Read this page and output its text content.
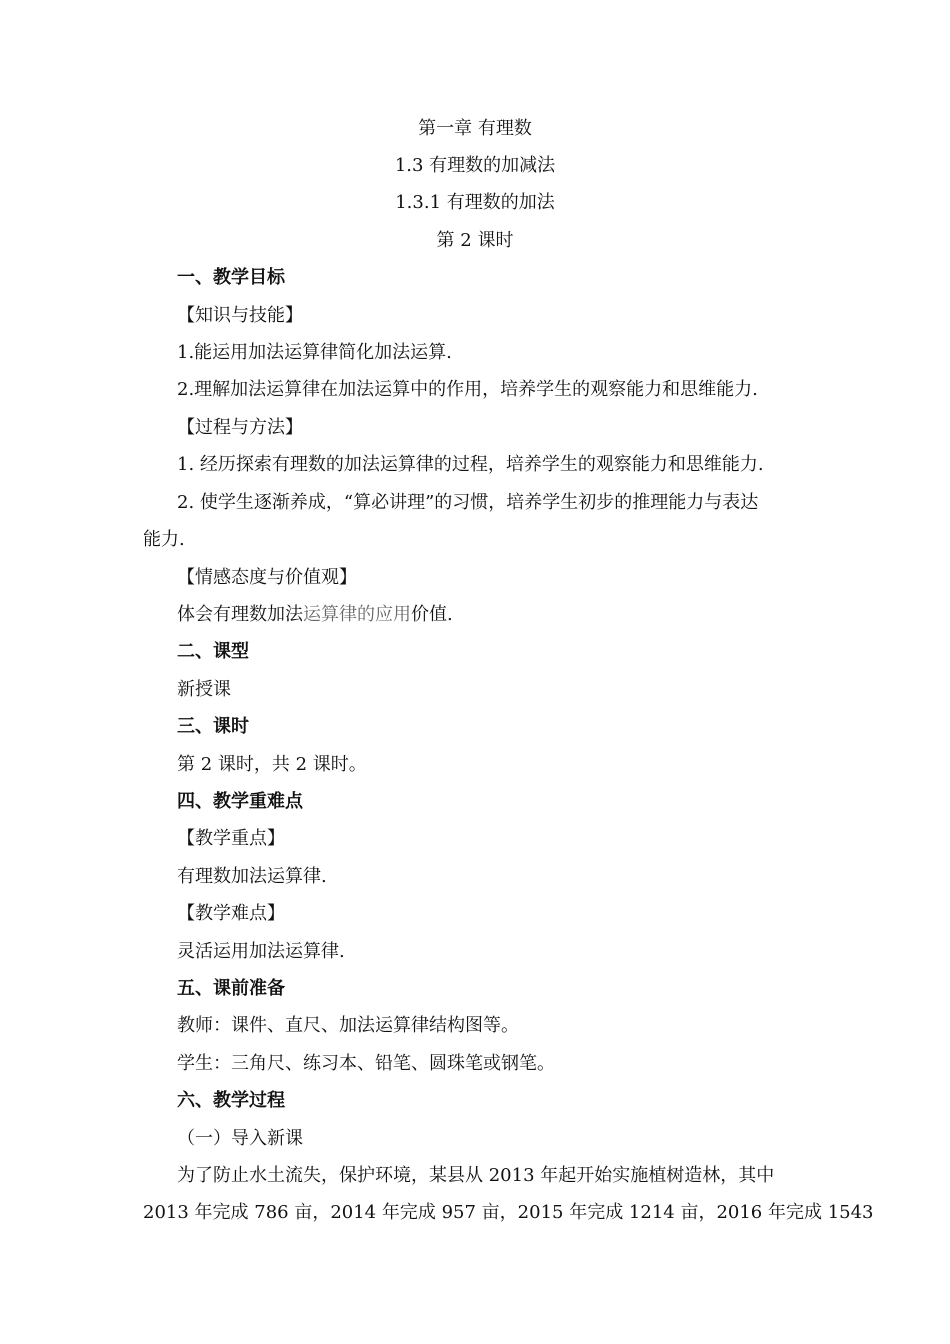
第一章 有理数
1.3 有理数的加减法
1.3.1 有理数的加法
第 2 课时
一、教学目标
【知识与技能】
1.能运用加法运算律简化加法运算.
2.理解加法运算律在加法运算中的作用，培养学生的观察能力和思维能力.
【过程与方法】
1. 经历探索有理数的加法运算律的过程，培养学生的观察能力和思维能力.
2. 使学生逐渐养成，“算必讲理”的习惯，培养学生初步的推理能力与表达
能力.
【情感态度与价值观】
体会有理数加法运算律的应用价值.
二、课型
新授课
三、课时
第 2 课时，共 2 课时。
四、教学重难点
【教学重点】
有理数加法运算律.
【教学难点】
灵活运用加法运算律.
五、课前准备
教师：课件、直尺、加法运算律结构图等。
学生：三角尺、练习本、铅笔、圆珠笔或钢笔。
六、教学过程
（一）导入新课
为了防止水土流失，保护环境，某县从 2013 年起开始实施植树造林，其中
2013 年完成 786 亩，2014 年完成 957 亩，2015 年完成 1214 亩，2016 年完成 1543
